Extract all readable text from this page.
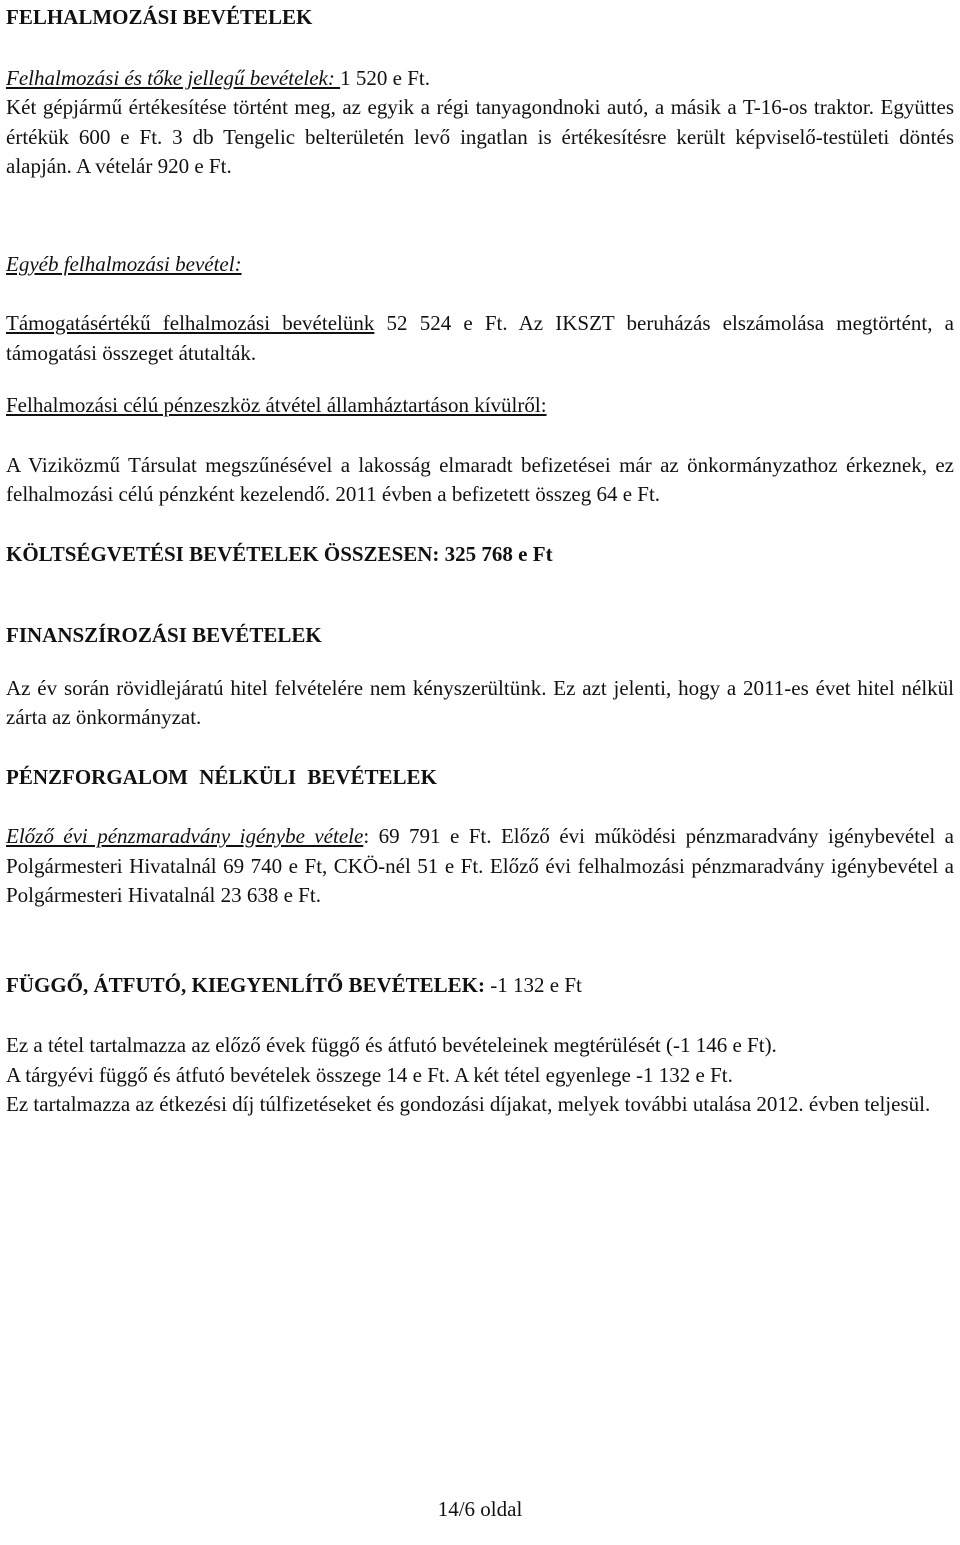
FELHALMOZÁSI BEVÉTELEK

Felhalmozási és tőke jellegű bevételek: 1 520 e Ft.

Két gépjármű értékesítése történt meg, az egyik a régi tanyagondnoki autó, a másik a T-16-os traktor. Együttes értékük 600 e Ft. 3 db Tengelic belterületén levő ingatlan is értékesítésre került képviselő-testületi döntés alapján. A vételár 920 e Ft.

Egyéb felhalmozási bevétel:

Támogatásértékű felhalmozási bevételünk 52 524 e Ft. Az IKSZT beruházás elszámolása megtörtént, a támogatási összeget átutalták.

Felhalmozási célú pénzeszköz átvétel államháztartáson kívülről:

A Viziközmű Társulat megszűnésével a lakosság elmaradt befizetései már az önkormányzathoz érkeznek, ez felhalmozási célú pénzként kezelendő. 2011 évben a befizetett összeg 64 e Ft.

KÖLTSÉGVETÉSI BEVÉTELEK ÖSSZESEN: 325 768 e Ft

FINANSZÍROZÁSI BEVÉTELEK

Az év során rövidlejáratú hitel felvételére nem kényszerültünk. Ez azt jelenti, hogy a 2011-es évet hitel nélkül zárta az önkormányzat.

PÉNZFORGALOM NÉLKÜLI BEVÉTELEK

Előző évi pénzmaradvány igénybe vétele: 69 791 e Ft. Előző évi működési pénzmaradvány igénybevétel a Polgármesteri Hivatalnál 69 740 e Ft, CKÖ-nél 51 e Ft. Előző évi felhalmozási pénzmaradvány igénybevétel a Polgármesteri Hivatalnál 23 638 e Ft.

FÜGGŐ, ÁTFUTÓ, KIEGYENLÍTŐ BEVÉTELEK: -1 132 e Ft

Ez a tétel tartalmazza az előző évek függő és átfutó bevételeinek megtérülését (-1 146 e Ft).

A tárgyévi függő és átfutó bevételek összege 14 e Ft. A két tétel egyenlege -1 132 e Ft.

Ez tartalmazza az étkezési díj túlfizetéseket és gondozási díjakat, melyek további utalása 2012. évben teljesül.

14/6 oldal
